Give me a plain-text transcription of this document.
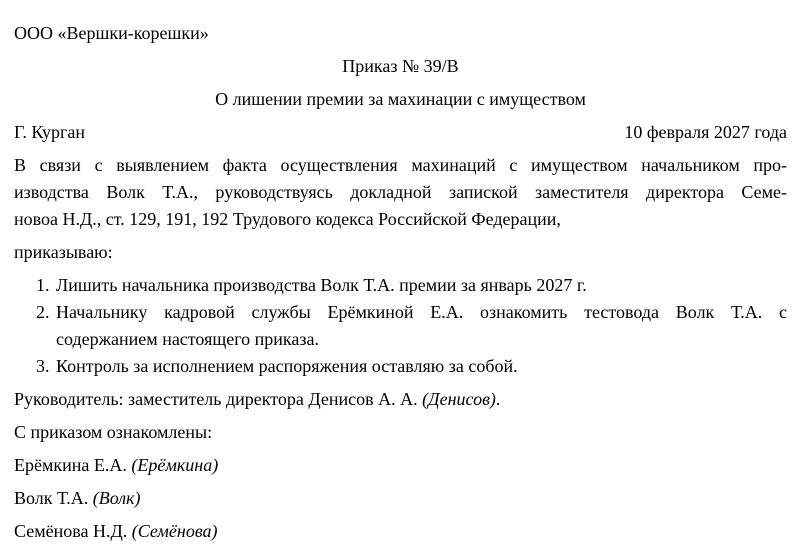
ООО «Вершки-корешки»
Приказ № 39/В
О лишении премии за махинации с имуществом
Г. Курган	10 февраля 2027 года
В связи с выявлением факта осуществления махинаций с имуществом начальником про-
изводства Волк Т.А., руководствуясь докладной запиской заместителя директора Семе-
новоа Н.Д., ст. 129, 191, 192 Трудового кодекса Российской Федерации,
приказываю:
1. Лишить начальника производства Волк Т.А. премии за январь 2027 г.
2. Начальнику кадровой службы Ерёмкиной Е.А. ознакомить тестовода Волк Т.А. с
содержанием настоящего приказа.
3. Контроль за исполнением распоряжения оставляю за собой.
Руководитель: заместитель директора Денисов А. А. (Денисов).
С приказом ознакомлены:
Ерёмкина Е.А. (Ерёмкина)
Волк Т.А. (Волк)
Семёнова Н.Д. (Семёнова)
